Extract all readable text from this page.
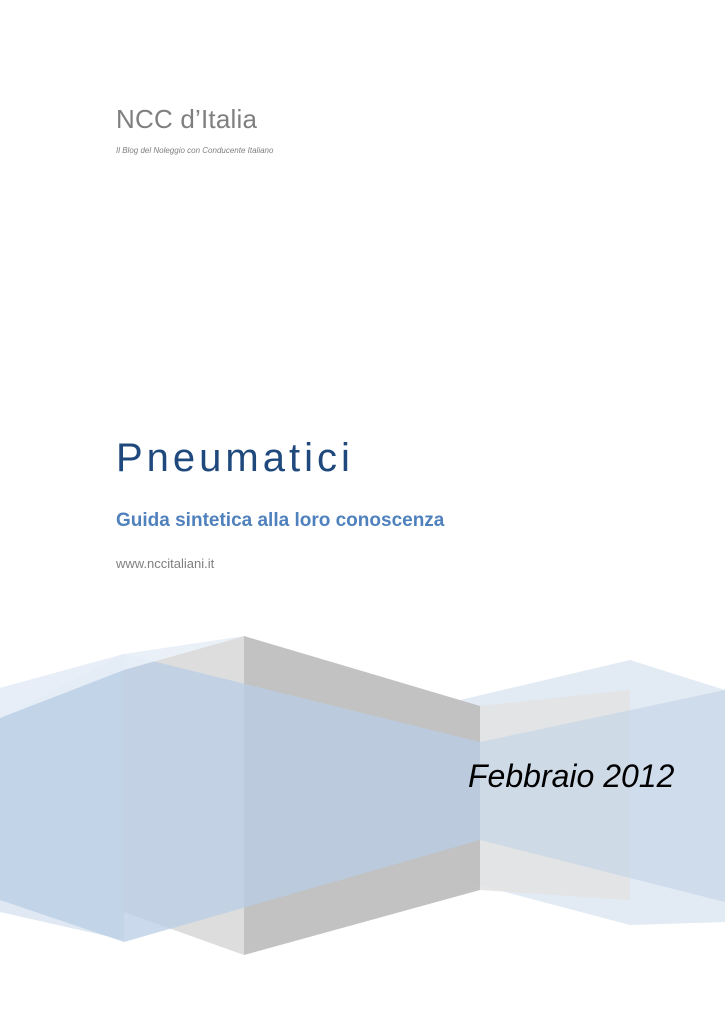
NCC d’Italia

Il Blog del Noleggio con Conducente Italiano

Pneumatici

Guida sintetica alla loro conoscenza

www.nccitaliani.it

Febbraio 2012
